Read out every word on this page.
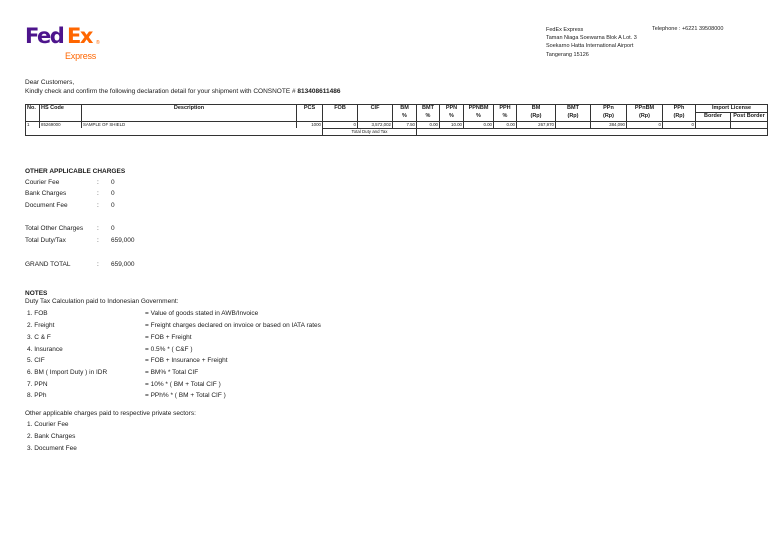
Fed Ex ®
Express
FedEx Express
Taman Niaga Soewarna Blok A Lot. 3
Soekarno Hatta International Airport
Tangerang 15126
Telephone : +6221 39508000
Dear Customers,
Kindly check and confirm the following declaration detail for your shipment with CONSNOTE # 813408611486
No.	HS Code	Description	PCS	FOB	CIF	BM	BMT	PPN	PPNBM	PPH	BM	BMT	PPn	PPnBM	PPh	Import License	
						%	%	%	%	%	(Rp)	(Rp)	(Rp)	(Rp)	(Rp)	Border	Post Border
1	85269000	SAMPLE OF SHIELD	1000	0	3,572,002	7.50	0.00	10.00	0.00	0.00	267,970		384,090	0	0		
				Total Duty and Tax													
OTHER APPLICABLE CHARGES
Courier Fee	: 0
Bank Charges	: 0
Document Fee	: 0
Total Other Charges : 0
Total Duty/Tax	: 659,000
GRAND TOTAL	: 659,000
NOTES
Duty Tax Calculation paid to Indonesian Government:
1. FOB	= Value of goods stated in AWB/Invoice
2. Freight	= Freight charges declared on invoice or based on IATA rates
3. C & F	= FOB + Freight
4. Insurance	= 0.5% * ( C&F )
5. CIF	= FOB + Insurance + Freight
6. BM ( Import Duty ) in IDR	= BM% * Total CIF
7. PPN	= 10% * ( BM + Total CIF )
8. PPh	= PPh% * ( BM + Total CIF )
Other applicable charges paid to respective private sectors:
1. Courier Fee
2. Bank Charges
3. Document Fee
